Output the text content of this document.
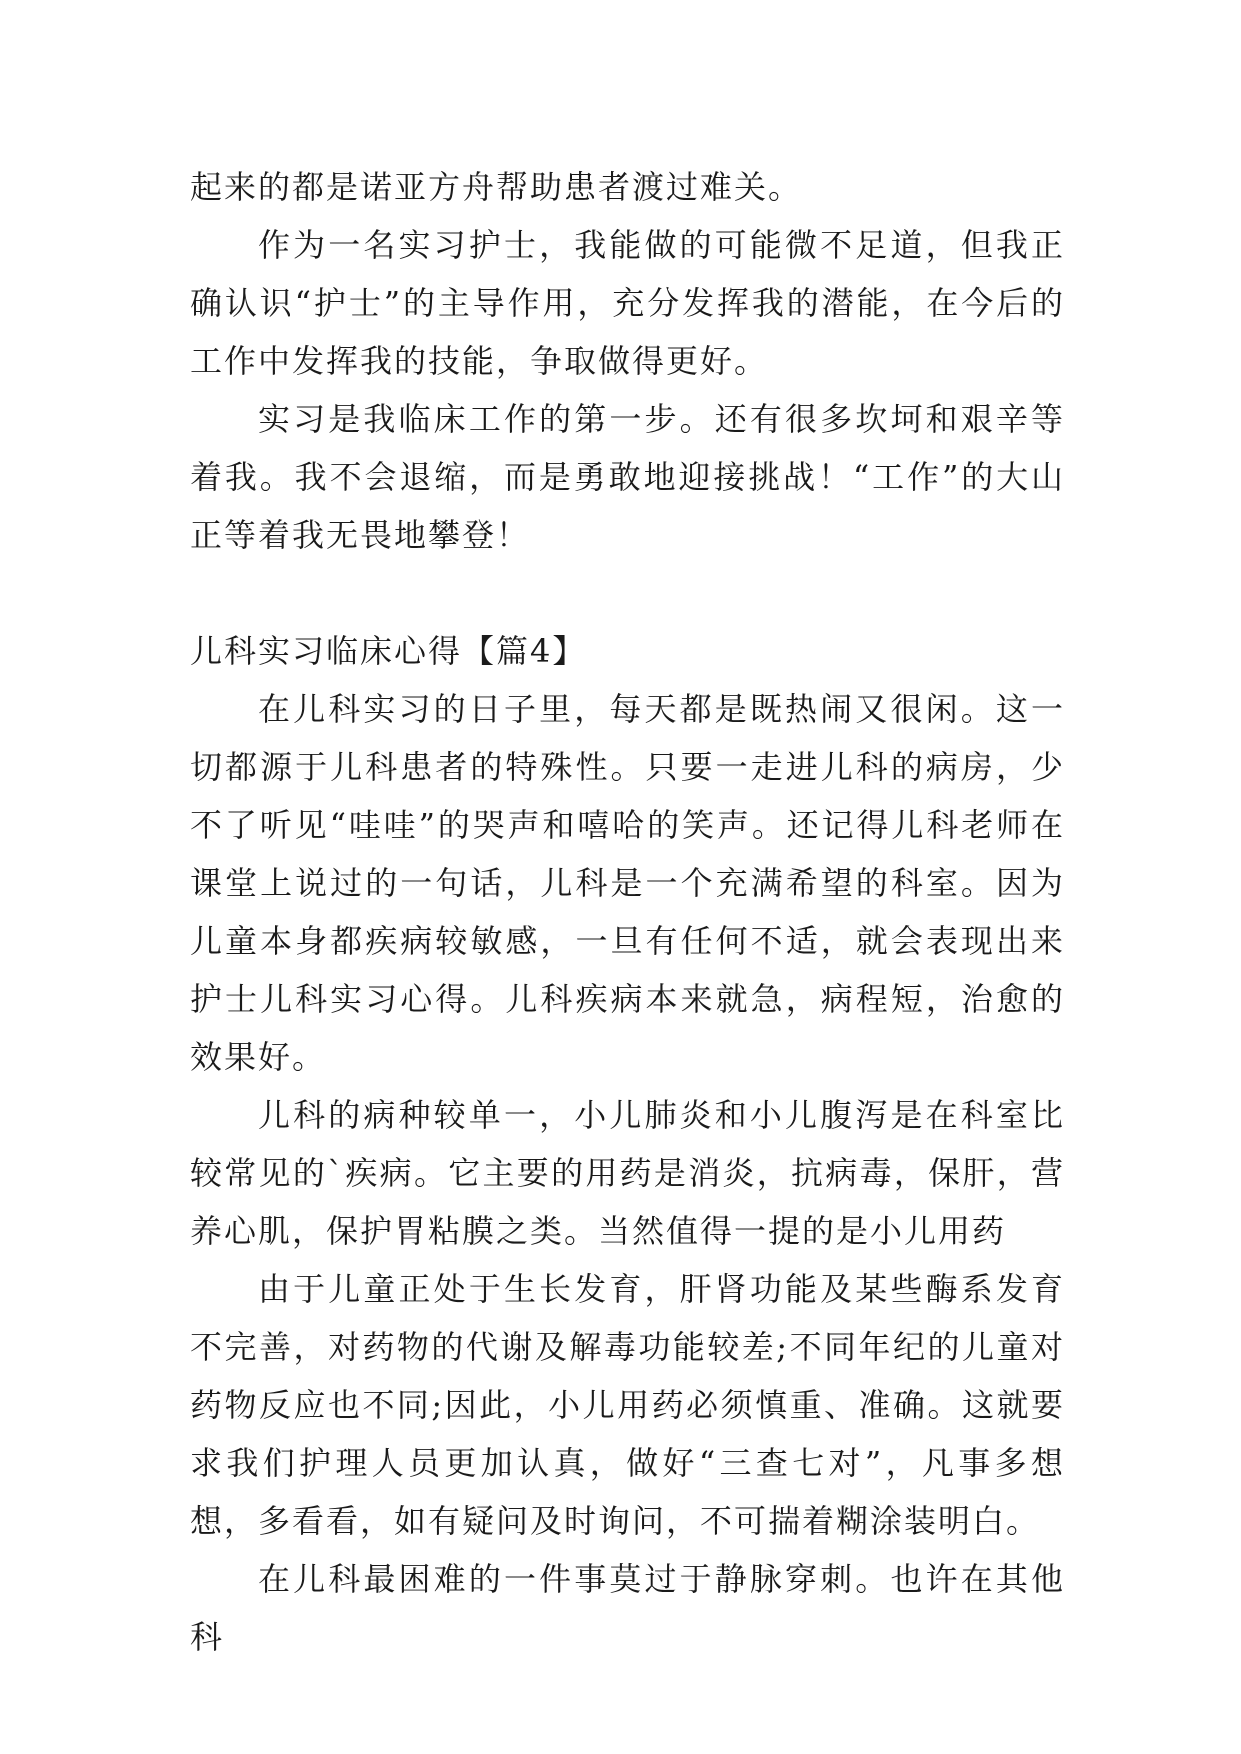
起来的都是诺亚方舟帮助患者渡过难关。

作为一名实习护士，我能做的可能微不足道，但我正确认识“护士”的主导作用，充分发挥我的潜能，在今后的工作中发挥我的技能，争取做得更好。

实习是我临床工作的第一步。还有很多坎坷和艰辛等着我。我不会退缩，而是勇敢地迎接挑战！“工作”的大山正等着我无畏地攀登！

儿科实习临床心得【篇4】

在儿科实习的日子里，每天都是既热闹又很闲。这一切都源于儿科患者的特殊性。只要一走进儿科的病房，少不了听见“哇哇”的哭声和嘻哈的笑声。还记得儿科老师在课堂上说过的一句话，儿科是一个充满希望的科室。因为儿童本身都疾病较敏感，一旦有任何不适，就会表现出来护士儿科实习心得。儿科疾病本来就急，病程短，治愈的效果好。

儿科的病种较单一，小儿肺炎和小儿腹泻是在科室比较常见的`疾病。它主要的用药是消炎，抗病毒，保肝，营养心肌，保护胃粘膜之类。当然值得一提的是小儿用药

由于儿童正处于生长发育，肝肾功能及某些酶系发育不完善，对药物的代谢及解毒功能较差;不同年纪的儿童对药物反应也不同;因此，小儿用药必须慎重、准确。这就要求我们护理人员更加认真，做好“三查七对”，凡事多想想，多看看，如有疑问及时询问，不可揣着糊涂装明白。

在儿科最困难的一件事莫过于静脉穿刺。也许在其他科
